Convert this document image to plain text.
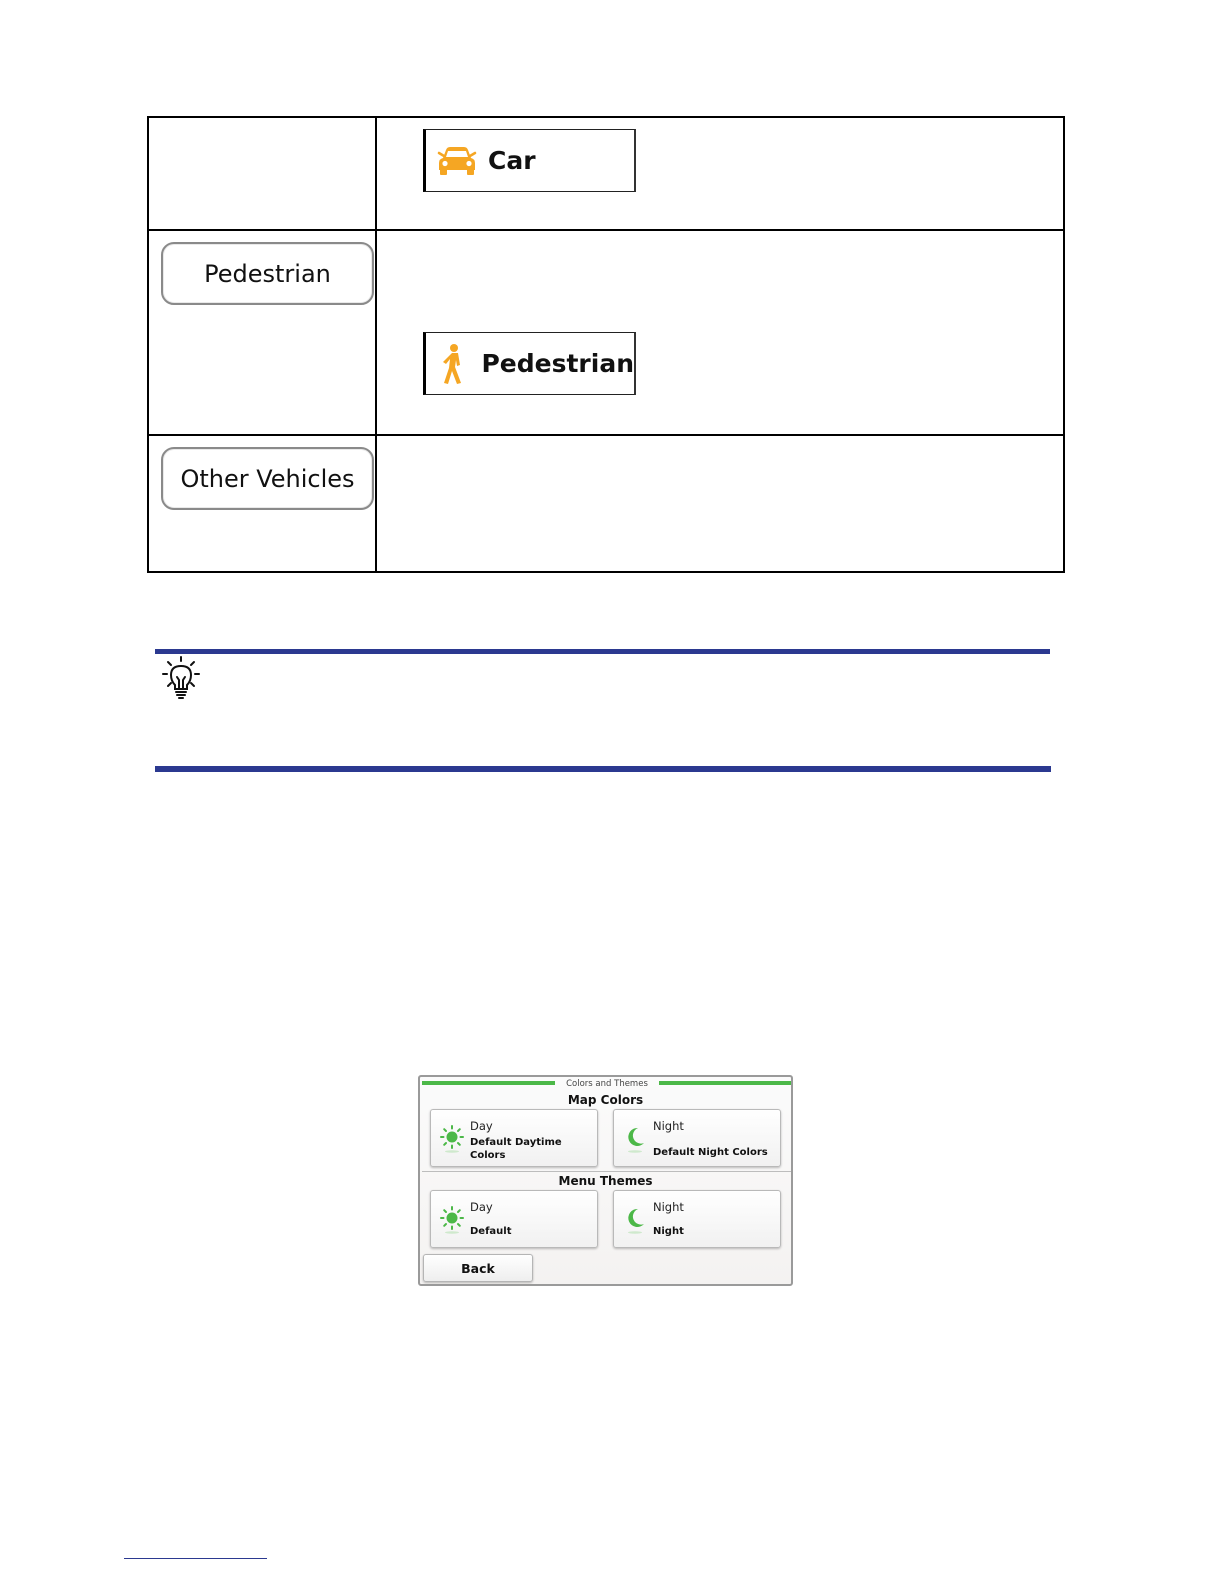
Car
Pedestrian
Pedestrian
Other Vehicles
Colors and Themes
Map Colors
Day
Default Daytime Colors
Night
Default Night Colors
Menu Themes
Day
Default
Night
Night
Back
